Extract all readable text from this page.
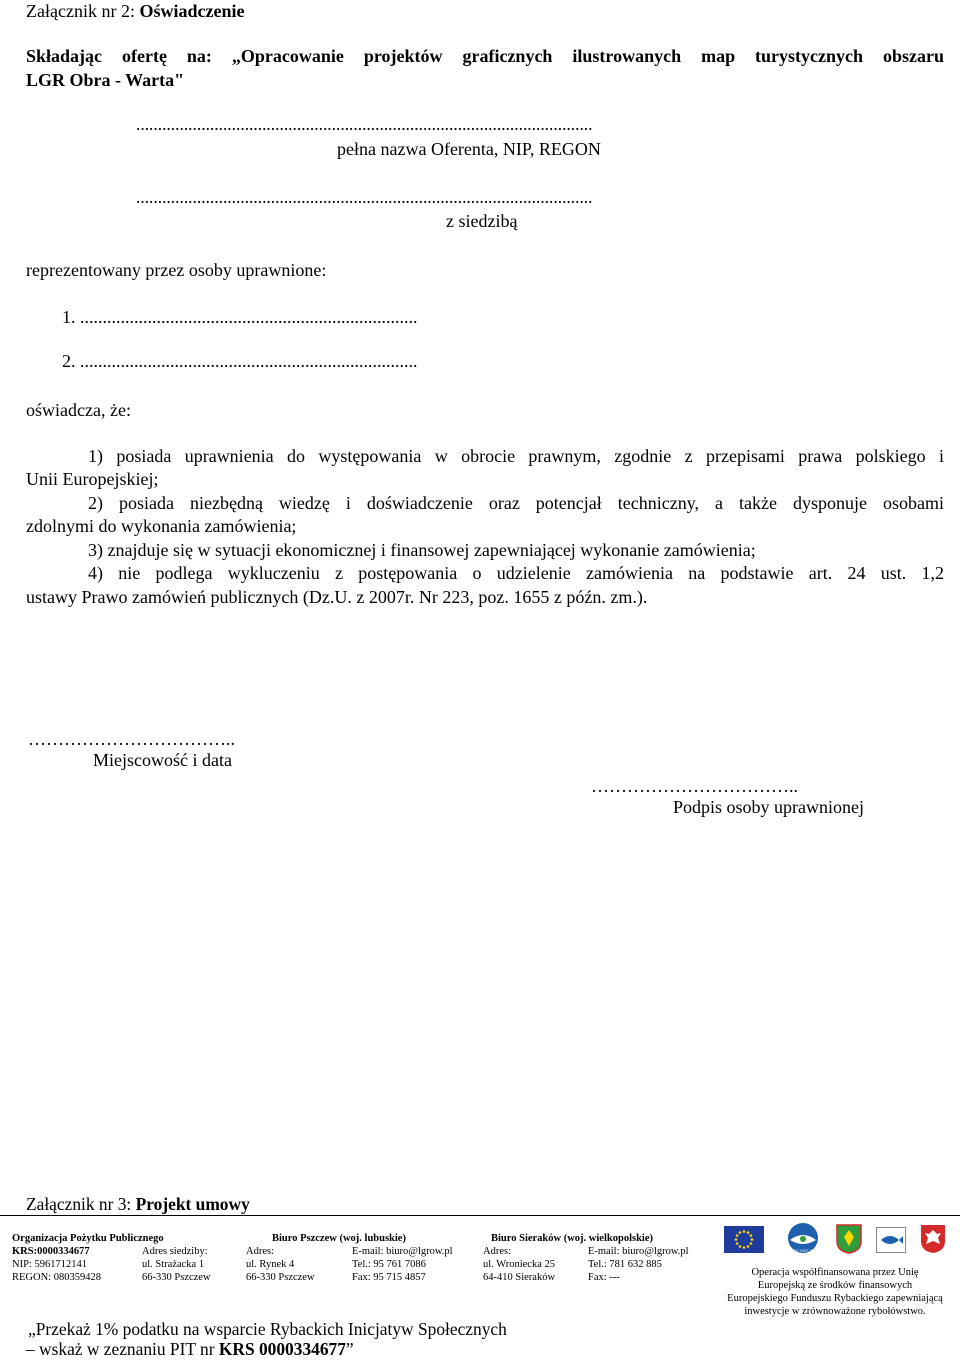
Załącznik nr 2: Oświadczenie
Składając ofertę na: „Opracowanie projektów graficznych ilustrowanych map turystycznych obszaru
LGR Obra - Warta"
.........................................................................................................
pełna nazwa Oferenta, NIP, REGON
.........................................................................................................
z siedzibą
reprezentowany przez osoby uprawnione:
1. ...........................................................................
2. ...........................................................................
oświadcza, że:
1) posiada uprawnienia do występowania w obrocie prawnym, zgodnie z przepisami prawa polskiego i
Unii Europejskiej;
2) posiada niezbędną wiedzę i doświadczenie oraz potencjał techniczny, a także dysponuje osobami
zdolnymi do wykonania zamówienia;
3) znajduje się w sytuacji ekonomicznej i finansowej zapewniającej wykonanie zamówienia;
4) nie podlega wykluczeniu z postępowania o udzielenie zamówienia na podstawie art. 24 ust. 1,2
ustawy Prawo zamówień publicznych (Dz.U. z 2007r. Nr 223, poz. 1655 z późn. zm.).
……………………………..
Miejscowość i data
……………………………..
Podpis osoby uprawnionej
Załącznik nr 3: Projekt umowy
Organizacja Pożytku Publicznego
KRS:0000334677
NIP: 5961712141
REGON: 080359428
Adres siedziby:
ul. Strażacka 1
66-330 Pszczew
Biuro Pszczew (woj. lubuskie)
Adres:
ul. Rynek 4
66-330 Pszczew
E-mail: biuro@lgrow.pl
Tel.: 95 761 7086
Fax: 95 715 4857
Biuro Sieraków (woj. wielkopolskie)
Adres:
ul. Wroniecka 25
64-410 Sieraków
E-mail: biuro@lgrow.pl
Tel.: 781 632 885
Fax: ---
RYBY 2007-2013
Operacja współfinansowana przez Unię
Europejską ze środków finansowych
Europejskiego Funduszu Rybackiego zapewniającą
inwestycje w zrównoważone rybołówstwo.
„Przekaż 1% podatku na wsparcie Rybackich Inicjatyw Społecznych
– wskaż w zeznaniu PIT nr KRS 0000334677”
